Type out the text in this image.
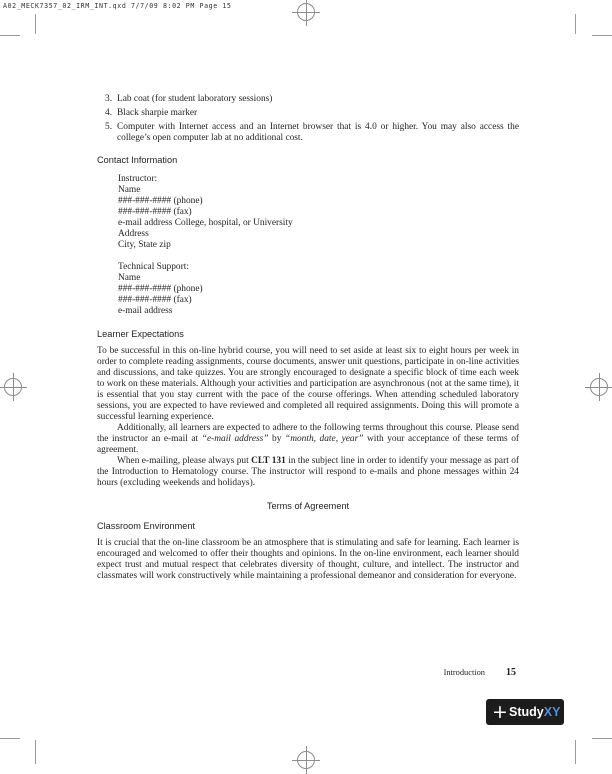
A02_MECK7357_02_IRM_INT.qxd 7/7/09 8:02 PM Page 15
3. Lab coat (for student laboratory sessions)
4. Black sharpie marker
5. Computer with Internet access and an Internet browser that is 4.0 or higher. You may also access the college’s open computer lab at no additional cost.
Contact Information
Instructor:
Name
###-###-#### (phone)
###-###-#### (fax)
e-mail address College, hospital, or University
Address
City, State zip
Technical Support:
Name
###-###-#### (phone)
###-###-#### (fax)
e-mail address
Learner Expectations

To be successful in this on-line hybrid course, you will need to set aside at least six to eight hours per week in order to complete reading assignments, course documents, answer unit questions, participate in on-line activities and discussions, and take quizzes. You are strongly encouraged to designate a specific block of time each week to work on these materials. Although your activities and participation are asynchronous (not at the same time), it is essential that you stay current with the pace of the course offerings. When attending scheduled laboratory sessions, you are expected to have reviewed and completed all required assignments. Doing this will promote a successful learning experience.

Additionally, all learners are expected to adhere to the following terms throughout this course. Please send the instructor an e-mail at “e-mail address” by “month, date, year” with your acceptance of these terms of agreement.

When e-mailing, please always put CLT 131 in the subject line in order to identify your message as part of the Introduction to Hematology course. The instructor will respond to e-mails and phone messages within 24 hours (excluding weekends and holidays).

Terms of Agreement
Classroom Environment

It is crucial that the on-line classroom be an atmosphere that is stimulating and safe for learning. Each learner is encouraged and welcomed to offer their thoughts and opinions. In the on-line environment, each learner should expect trust and mutual respect that celebrates diversity of thought, culture, and intellect. The instructor and classmates will work constructively while maintaining a professional demeanor and consideration for everyone.

Introduction 15
+ StudyXY
